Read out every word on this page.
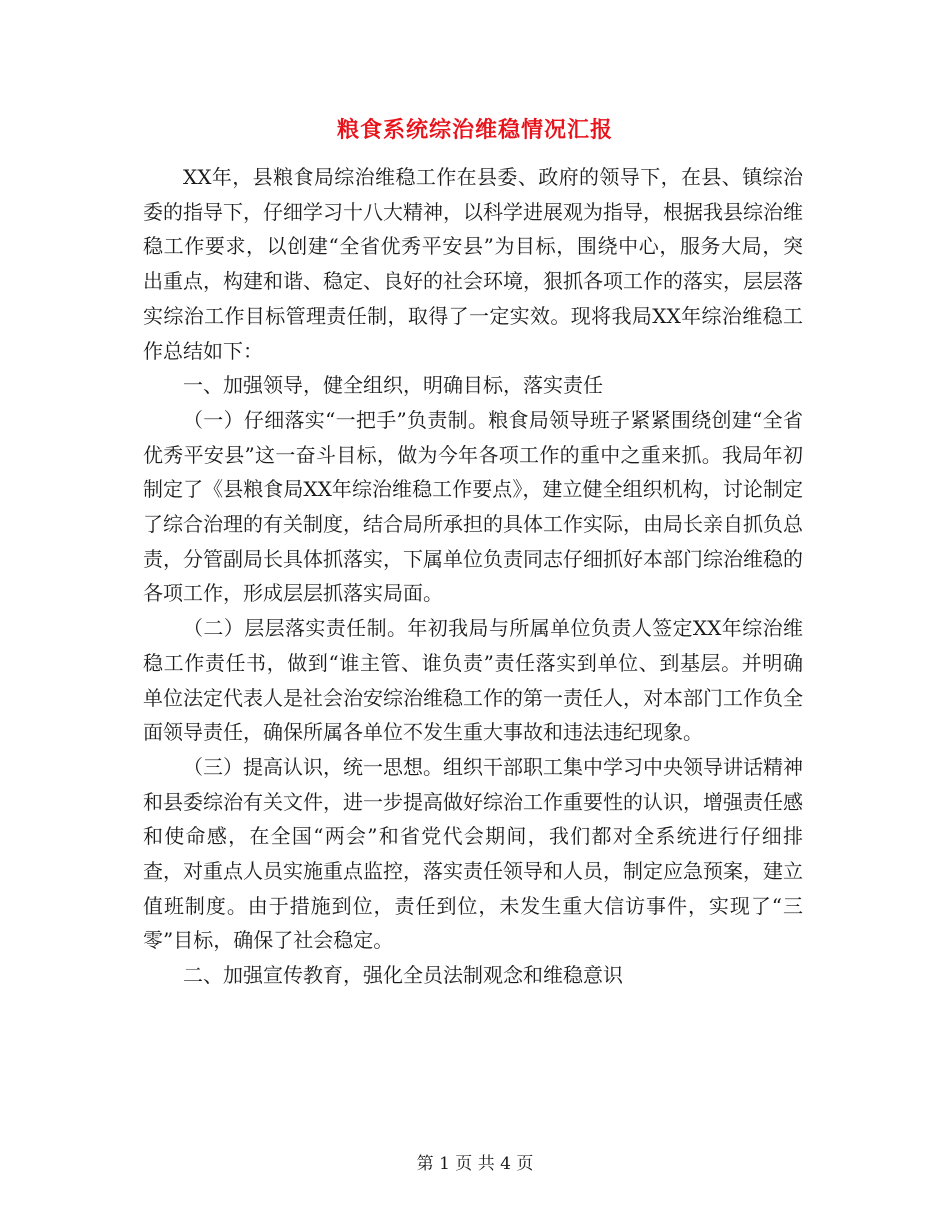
粮食系统综治维稳情况汇报

XX年，县粮食局综治维稳工作在县委、政府的领导下，在县、镇综治委的指导下，仔细学习十八大精神，以科学进展观为指导，根据我县综治维稳工作要求，以创建“全省优秀平安县”为目标，围绕中心，服务大局，突出重点，构建和谐、稳定、良好的社会环境，狠抓各项工作的落实，层层落实综治工作目标管理责任制，取得了一定实效。现将我局XX年综治维稳工作总结如下：

一、加强领导，健全组织，明确目标，落实责任

（一）仔细落实“一把手”负责制。粮食局领导班子紧紧围绕创建“全省优秀平安县”这一奋斗目标，做为今年各项工作的重中之重来抓。我局年初制定了《县粮食局XX年综治维稳工作要点》，建立健全组织机构，讨论制定了综合治理的有关制度，结合局所承担的具体工作实际，由局长亲自抓负总责，分管副局长具体抓落实，下属单位负责同志仔细抓好本部门综治维稳的各项工作，形成层层抓落实局面。

（二）层层落实责任制。年初我局与所属单位负责人签定XX年综治维稳工作责任书，做到“谁主管、谁负责”责任落实到单位、到基层。并明确单位法定代表人是社会治安综治维稳工作的第一责任人，对本部门工作负全面领导责任，确保所属各单位不发生重大事故和违法违纪现象。

（三）提高认识，统一思想。组织干部职工集中学习中央领导讲话精神和县委综治有关文件，进一步提高做好综治工作重要性的认识，增强责任感和使命感，在全国“两会”和省党代会期间，我们都对全系统进行仔细排查，对重点人员实施重点监控，落实责任领导和人员，制定应急预案，建立值班制度。由于措施到位，责任到位，未发生重大信访事件，实现了“三零”目标，确保了社会稳定。

二、加强宣传教育，强化全员法制观念和维稳意识

第 1 页 共 4 页
